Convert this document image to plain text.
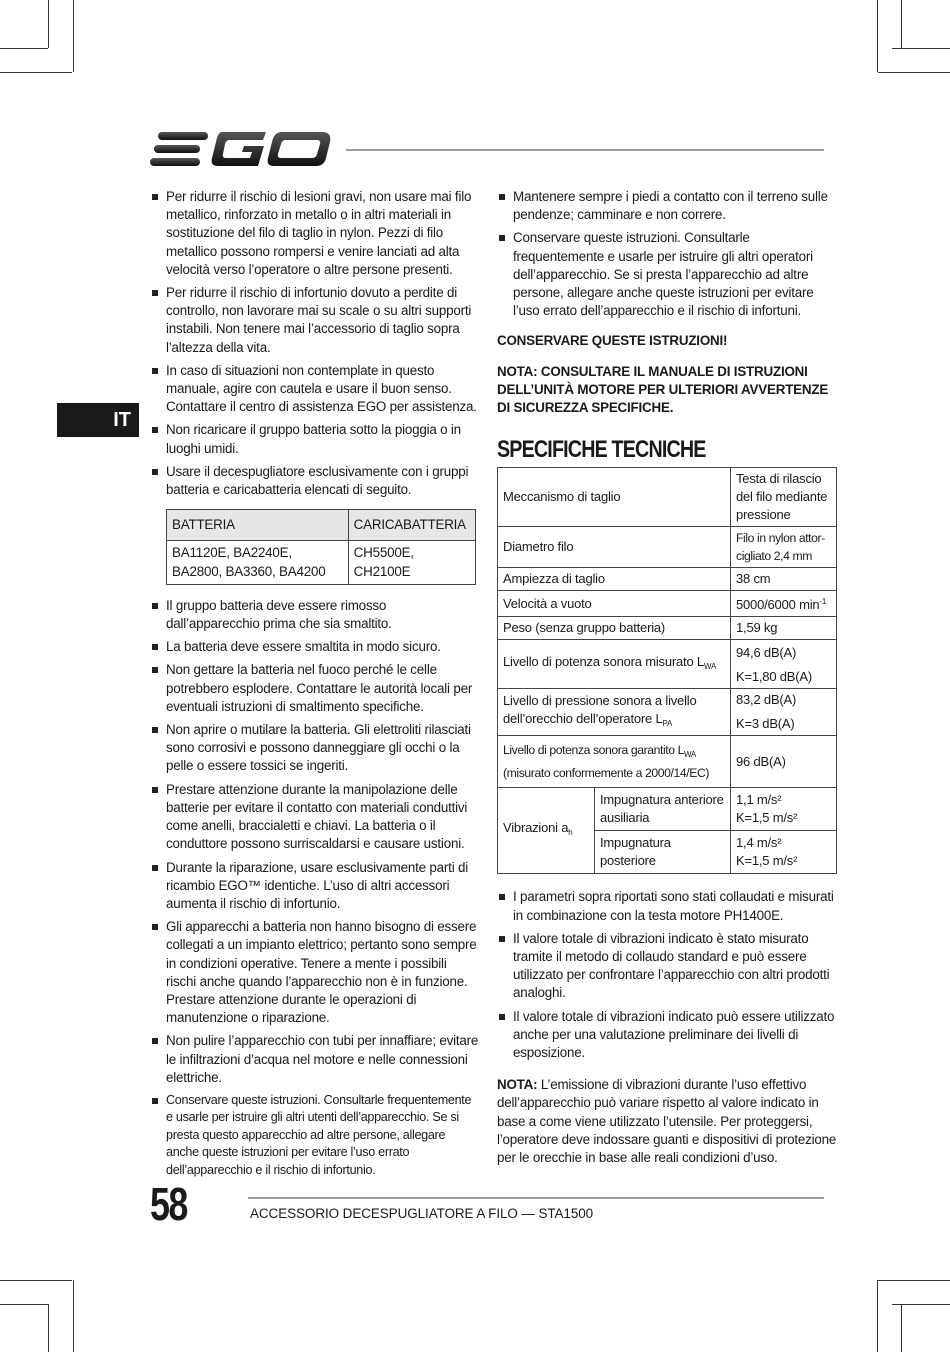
IT
Per ridurre il rischio di lesioni gravi, non usare mai filo metallico, rinforzato in metallo o in altri materiali in sostituzione del filo di taglio in nylon. Pezzi di filo metallico possono rompersi e venire lanciati ad alta velocità verso l’operatore o altre persone presenti.
Per ridurre il rischio di infortunio dovuto a perdite di controllo, non lavorare mai su scale o su altri supporti instabili. Non tenere mai l’accessorio di taglio sopra l’altezza della vita.
In caso di situazioni non contemplate in questo manuale, agire con cautela e usare il buon senso. Contattare il centro di assistenza EGO per assistenza.
Non ricaricare il gruppo batteria sotto la pioggia o in luoghi umidi.
Usare il decespugliatore esclusivamente con i gruppi batteria e caricabatteria elencati di seguito.
BATTERIA	CARICABATTERIA
BA1120E, BA2240E, BA2800, BA3360, BA4200	CH5500E, CH2100E
Il gruppo batteria deve essere rimosso dall’apparecchio prima che sia smaltito.
La batteria deve essere smaltita in modo sicuro.
Non gettare la batteria nel fuoco perché le celle potrebbero esplodere. Contattare le autorità locali per eventuali istruzioni di smaltimento specifiche.
Non aprire o mutilare la batteria. Gli elettroliti rilasciati sono corrosivi e possono danneggiare gli occhi o la pelle o essere tossici se ingeriti.
Prestare attenzione durante la manipolazione delle batterie per evitare il contatto con materiali conduttivi come anelli, braccialetti e chiavi. La batteria o il conduttore possono surriscaldarsi e causare ustioni.
Durante la riparazione, usare esclusivamente parti di ricambio EGO™ identiche. L’uso di altri accessori aumenta il rischio di infortunio.
Gli apparecchi a batteria non hanno bisogno di essere collegati a un impianto elettrico; pertanto sono sempre in condizioni operative. Tenere a mente i possibili rischi anche quando l’apparecchio non è in funzione. Prestare attenzione durante le operazioni di manutenzione o riparazione.
Non pulire l’apparecchio con tubi per innaffiare; evitare le infiltrazioni d’acqua nel motore e nelle connessioni elettriche.
Conservare queste istruzioni. Consultarle frequentemente e usarle per istruire gli altri utenti dell’apparecchio. Se si presta questo apparecchio ad altre persone, allegare anche queste istruzioni per evitare l’uso errato dell’apparecchio e il rischio di infortunio.
Mantenere sempre i piedi a contatto con il terreno sulle pendenze; camminare e non correre.
Conservare queste istruzioni. Consultarle frequentemente e usarle per istruire gli altri operatori dell’apparecchio. Se si presta l’apparecchio ad altre persone, allegare anche queste istruzioni per evitare l’uso errato dell’apparecchio e il rischio di infortuni.
CONSERVARE QUESTE ISTRUZIONI!
NOTA: CONSULTARE IL MANUALE DI ISTRUZIONI DELL’UNITÀ MOTORE PER ULTERIORI AVVERTENZE DI SICUREZZA SPECIFICHE.
SPECIFICHE TECNICHE
Meccanismo di taglio		Testa di rilascio del filo mediante pressione
Diametro filo		Filo in nylon attor-cigliato 2,4 mm
Ampiezza di taglio		38 cm
Velocità a vuoto		5000/6000 $\min^{-1}$
Peso (senza gruppo batteria)		1,59 kg
Livello di potenza sonora misurato $L_{WA}$		94,6 dB(A)
K=1,80 dB(A)

Livello di pressione sonora a livello dell’orecchio dell’operatore $L_{PA}$		83,2 dB(A)
K=3 dB(A)

Livello di potenza sonora garantito $L_{WA}$
(misurato conformemente a 2000/14/EC)		96 dB(A)
Vibrazioni $a_h$	Impugnatura anteriore ausiliaria	1,1 m/s²
K=1,5 m/s²

	Impugnatura posteriore	1,4 m/s²
K=1,5 m/s²
I parametri sopra riportati sono stati collaudati e misurati in combinazione con la testa motore PH1400E.
Il valore totale di vibrazioni indicato è stato misurato tramite il metodo di collaudo standard e può essere utilizzato per confrontare l’apparecchio con altri prodotti analoghi.
Il valore totale di vibrazioni indicato può essere utilizzato anche per una valutazione preliminare dei livelli di esposizione.
NOTA: L’emissione di vibrazioni durante l’uso effettivo dell’apparecchio può variare rispetto al valore indicato in base a come viene utilizzato l’utensile. Per proteggersi, l’operatore deve indossare guanti e dispositivi di protezione per le orecchie in base alle reali condizioni d’uso.
58	ACCESSORIO DECESPUGLIATORE A FILO — STA1500
